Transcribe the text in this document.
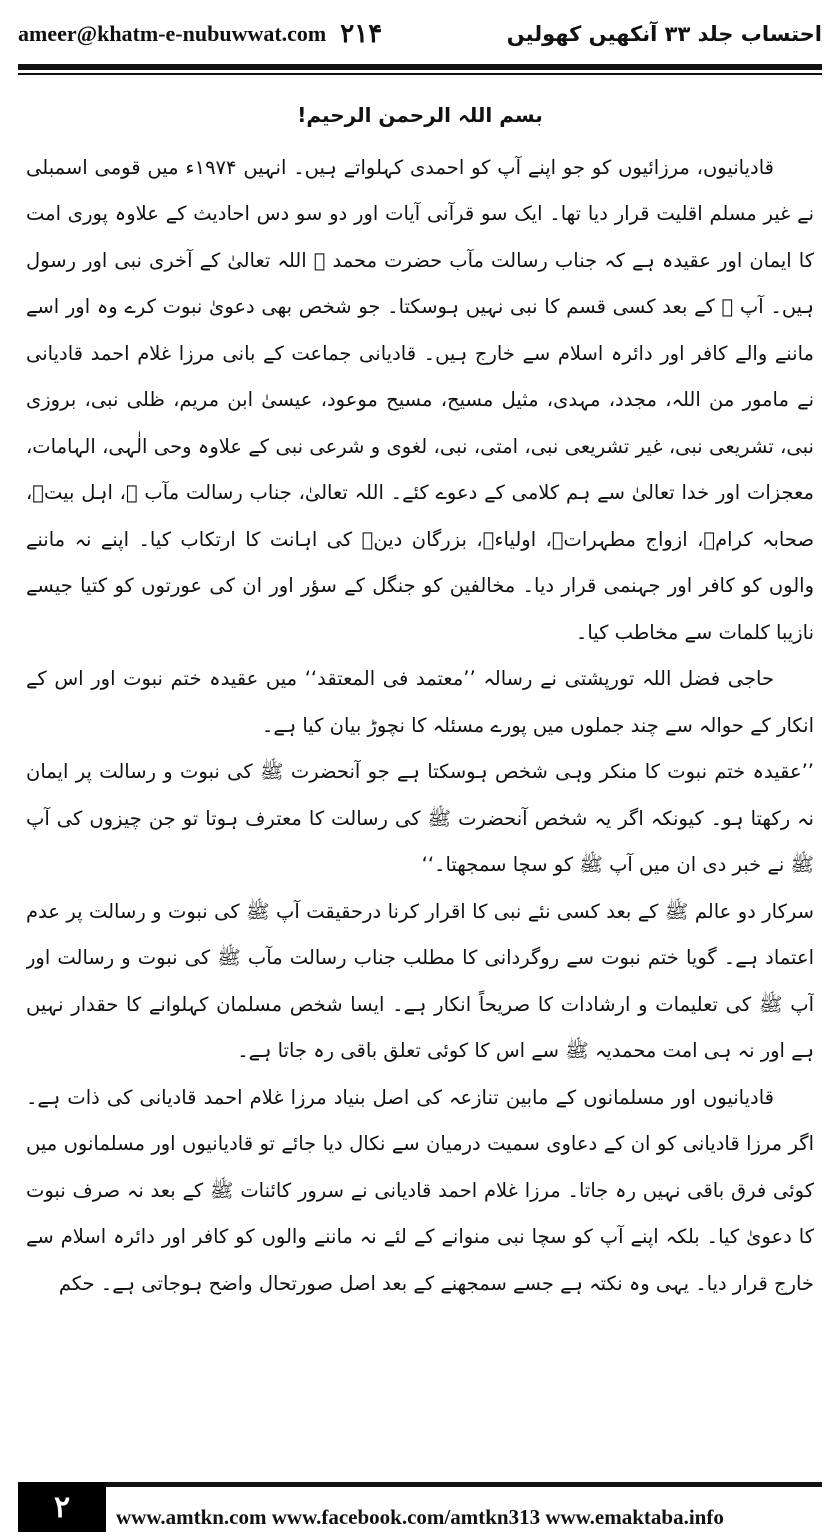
ameer@khatm-e-nubuwwat.com ۲۱۴	احتساب جلد ۳۳ آنکھیں کھولیں
بسم اللہ الرحمن الرحیم!

قادیانیوں، مرزائیوں کو جو اپنے آپ کو احمدی کہلواتے ہیں۔ انہیں ۱۹۷۴ء میں قومی اسمبلی نے غیر مسلم اقلیت قرار دیا تھا۔ ایک سو قرآنی آیات اور دو سو دس احادیث کے علاوہ پوری امت کا ایمان اور عقیدہ ہے کہ جناب رسالت مآب حضرت محمد ﷺ اللہ تعالیٰ کے آخری نبی اور رسول ہیں۔ آپ ﷺ کے بعد کسی قسم کا نبی نہیں ہوسکتا۔ جو شخص بھی دعویٰ نبوت کرے وہ اور اسے ماننے والے کافر اور دائرہ اسلام سے خارج ہیں۔ قادیانی جماعت کے بانی مرزا غلام احمد قادیانی نے مامور من اللہ، مجدد، مہدی، مثیل مسیح، مسیح موعود، عیسیٰ ابن مریم، ظلی نبی، بروزی نبی، تشریعی نبی، غیر تشریعی نبی، امتی، نبی، لغوی و شرعی نبی کے علاوہ وحی الٰہی، الہامات، معجزات اور خدا تعالیٰ سے ہم کلامی کے دعوے کئے۔ اللہ تعالیٰ، جناب رسالت مآب ﷺ، اہل بیتؓ، صحابہ کرامؓ، ازواج مطہراتؓ، اولیاءؒ، بزرگان دینؒ کی اہانت کا ارتکاب کیا۔ اپنے نہ ماننے والوں کو کافر اور جہنمی قرار دیا۔ مخالفین کو جنگل کے سؤر اور ان کی عورتوں کو کتیا جیسے نازیبا کلمات سے مخاطب کیا۔

حاجی فضل اللہ تورپشتی نے رسالہ ’’معتمد فی المعتقد‘‘ میں عقیدہ ختم نبوت اور اس کے انکار کے حوالہ سے چند جملوں میں پورے مسئلہ کا نچوڑ بیان کیا ہے۔

’’عقیدہ ختم نبوت کا منکر وہی شخص ہوسکتا ہے جو آنحضرت ﷺ کی نبوت و رسالت پر ایمان نہ رکھتا ہو۔ کیونکہ اگر یہ شخص آنحضرت ﷺ کی رسالت کا معترف ہوتا تو جن چیزوں کی آپ ﷺ نے خبر دی ان میں آپ ﷺ کو سچا سمجھتا۔‘‘

سرکار دو عالم ﷺ کے بعد کسی نئے نبی کا اقرار کرنا درحقیقت آپ ﷺ کی نبوت و رسالت پر عدم اعتماد ہے۔ گویا ختم نبوت سے روگردانی کا مطلب جناب رسالت مآب ﷺ کی نبوت و رسالت اور آپ ﷺ کی تعلیمات و ارشادات کا صریحاً انکار ہے۔ ایسا شخص مسلمان کہلوانے کا حقدار نہیں ہے اور نہ ہی امت محمدیہ ﷺ سے اس کا کوئی تعلق باقی رہ جاتا ہے۔

قادیانیوں اور مسلمانوں کے مابین تنازعہ کی اصل بنیاد مرزا غلام احمد قادیانی کی ذات ہے۔ اگر مرزا قادیانی کو ان کے دعاوی سمیت درمیان سے نکال دیا جائے تو قادیانیوں اور مسلمانوں میں کوئی فرق باقی نہیں رہ جاتا۔ مرزا غلام احمد قادیانی نے سرور کائنات ﷺ کے بعد نہ صرف نبوت کا دعویٰ کیا۔ بلکہ اپنے آپ کو سچا نبی منوانے کے لئے نہ ماننے والوں کو کافر اور دائرہ اسلام سے خارج قرار دیا۔ یہی وہ نکتہ ہے جسے سمجھنے کے بعد اصل صورتحال واضح ہوجاتی ہے۔ حکم

۲	www.amtkn.com www.facebook.com/amtkn313 www.emaktaba.info
